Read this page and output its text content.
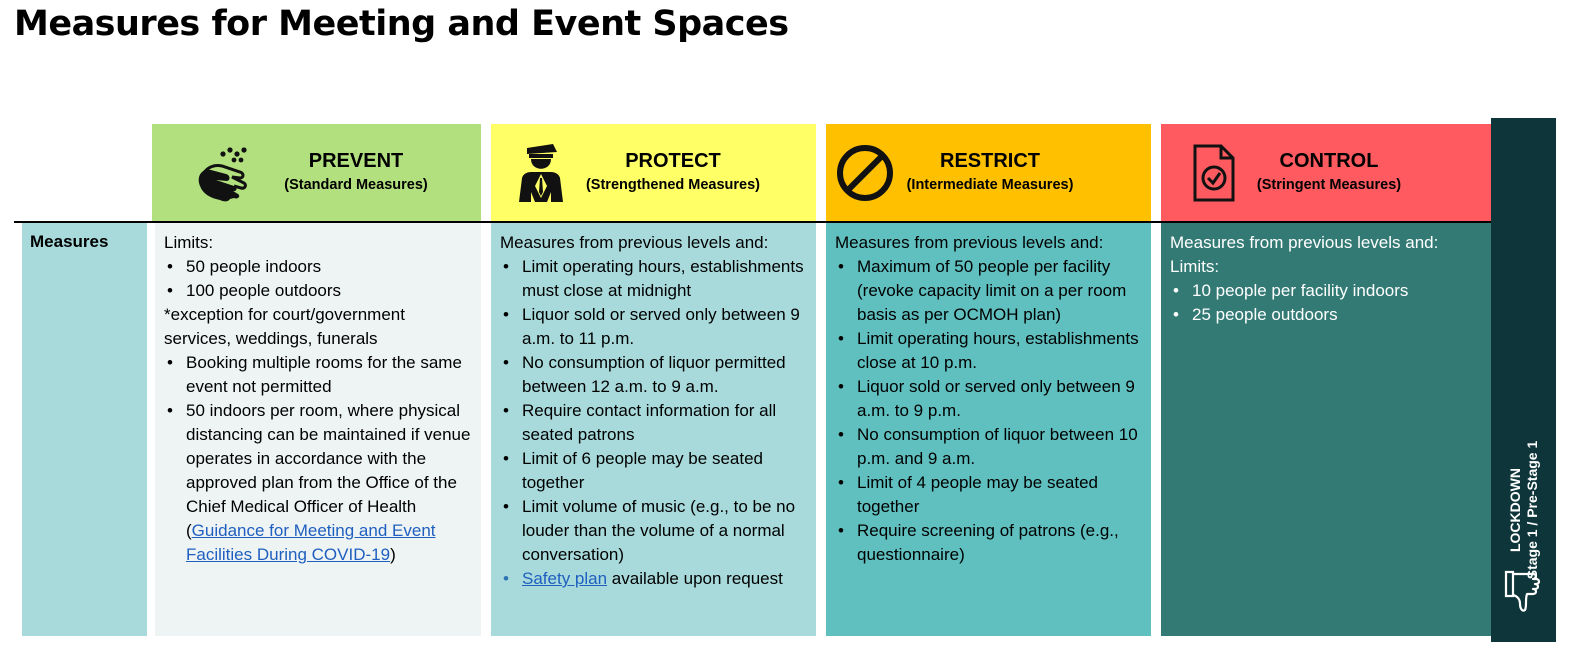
Measures for Meeting and Event Spaces
PREVENT
(Standard Measures)
PROTECT
(Strengthened Measures)
RESTRICT
(Intermediate Measures)
CONTROL
(Stringent Measures)
Measures	Limits:

• 50 people indoors
• 100 people outdoors

*exception for court/government services, weddings, funerals

• Booking multiple rooms for the same event not permitted
• 50 indoors per room, where physical distancing can be maintained if venue operates in accordance with the approved plan from the Office of the Chief Medical Officer of Health
(Guidance for Meeting and Event Facilities During COVID-19)

Measures from previous levels and:

• Limit operating hours, establishments must close at midnight
• Liquor sold or served only between 9 a.m. to 11 p.m.
• No consumption of liquor permitted between 12 a.m. to 9 a.m.
• Require contact information for all seated patrons
• Limit of 6 people may be seated together
• Limit volume of music (e.g., to be no louder than the volume of a normal conversation)
• Safety plan available upon request

Measures from previous levels and:

• Maximum of 50 people per facility (revoke capacity limit on a per room basis as per OCMOH plan)
• Limit operating hours, establishments close at 10 p.m.
• Liquor sold or served only between 9 a.m. to 9 p.m.
• No consumption of liquor between 10 p.m. and 9 a.m.
• Limit of 4 people may be seated together
• Require screening of patrons (e.g., questionnaire)

Measures from previous levels and:

Limits:

• 10 people per facility indoors
• 25 people outdoors
LOCKDOWN Stage 1 / Pre-Stage 1
